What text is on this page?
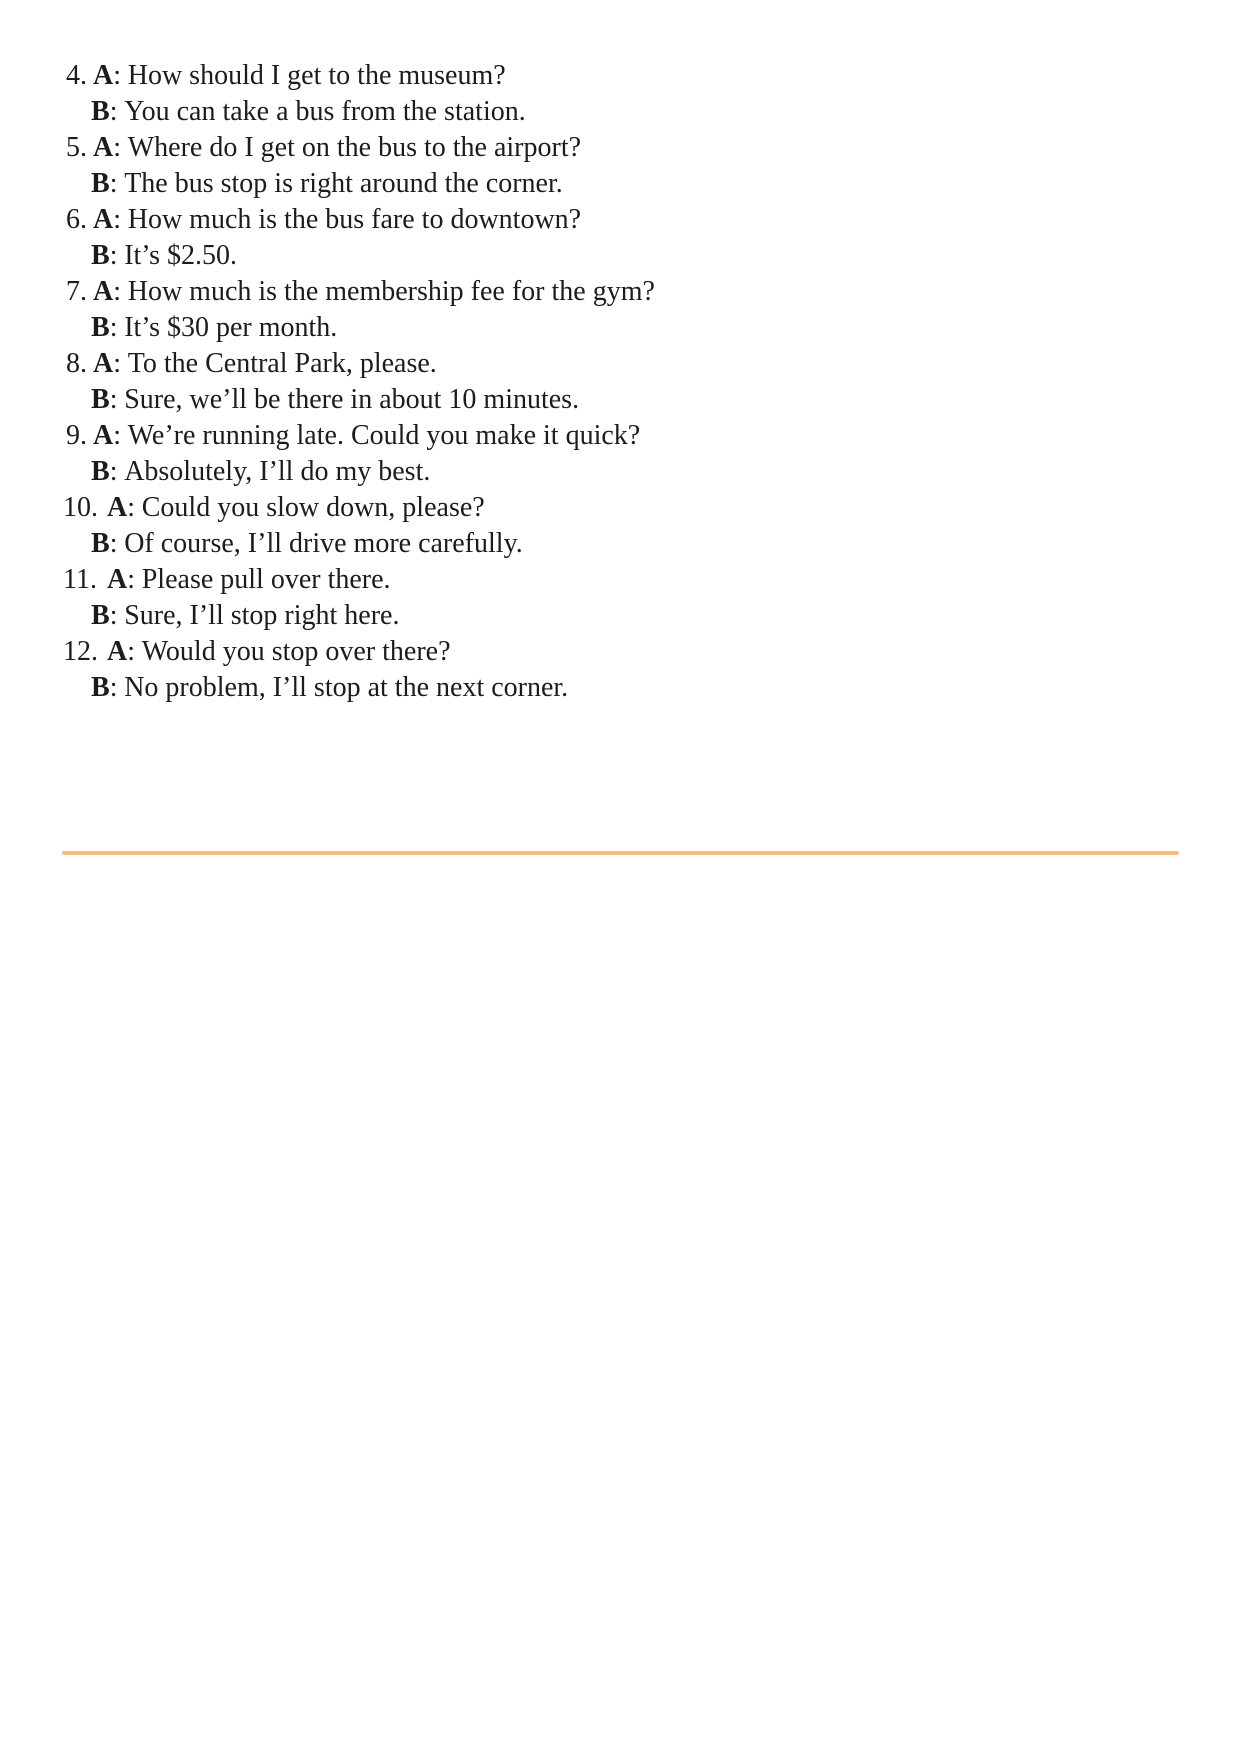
4. A: How should I get to the museum?
B: You can take a bus from the station.
5. A: Where do I get on the bus to the airport?
B: The bus stop is right around the corner.
6. A: How much is the bus fare to downtown?
B: It’s $2.50.
7. A: How much is the membership fee for the gym?
B: It’s $30 per month.
8. A: To the Central Park, please.
B: Sure, we’ll be there in about 10 minutes.
9. A: We’re running late. Could you make it quick?
B: Absolutely, I’ll do my best.
10. A: Could you slow down, please?
B: Of course, I’ll drive more carefully.
11. A: Please pull over there.
B: Sure, I’ll stop right here.
12. A: Would you stop over there?
B: No problem, I’ll stop at the next corner.
